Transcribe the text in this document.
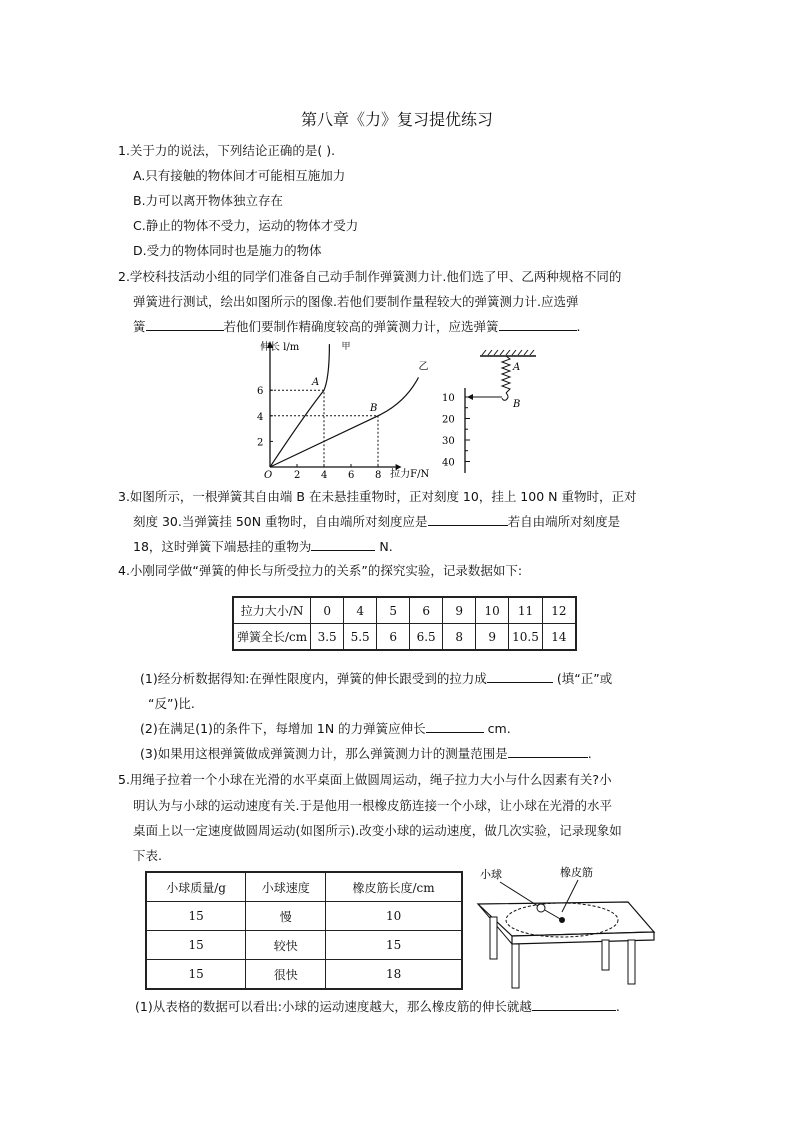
第八章《力》复习提优练习
1.关于力的说法，下列结论正确的是( ).
A.只有接触的物体间才可能相互施加力
B.力可以离开物体独立存在
C.静止的物体不受力，运动的物体才受力
D.受力的物体同时也是施力的物体
2.学校科技活动小组的同学们准备自己动手制作弹簧测力计.他们选了甲、乙两种规格不同的
弹簧进行测试，绘出如图所示的图像.若他们要制作量程较大的弹簧测力计.应选弹
簧	若他们要制作精确度较高的弹簧测力计，应选弹簧	.
伸长 l/m
拉力F/N
O 2 4 6 8
2
4
6
A
B
甲
乙	A
B
10
20
30
40
3.如图所示，一根弹簧其自由端 B 在未悬挂重物时，正对刻度 10，挂上 100 N 重物时，正对
刻度 30.当弹簧挂 50N 重物时，自由端所对刻度应是	若自由端所对刻度是
18，这时弹簧下端悬挂的重物为	N.
4.小刚同学做“弹簧的伸长与所受拉力的关系”的探究实验，记录数据如下:
拉力大小/N	0	4	5	6	9	10	11	12
弹簧全长/cm	3.5	5.5	6	6.5	8	9	10.5	14
(1)经分析数据得知:在弹性限度内，弹簧的伸长跟受到的拉力成	(填“正”或
“反”)比.
(2)在满足(1)的条件下，每增加 1N 的力弹簧应伸长	cm.
(3)如果用这根弹簧做成弹簧测力计，那么弹簧测力计的测量范围是	.
5.用绳子拉着一个小球在光滑的水平桌面上做圆周运动，绳子拉力大小与什么因素有关?小
明认为与小球的运动速度有关.于是他用一根橡皮筋连接一个小球，让小球在光滑的水平
桌面上以一定速度做圆周运动(如图所示).改变小球的运动速度，做几次实验，记录现象如
下表.
小球质量/g	小球速度	橡皮筋长度/cm
15	慢	10
15	较快	15
15	很快	18
小球	橡皮筋
(1)从表格的数据可以看出:小球的运动速度越大，那么橡皮筋的伸长就越	.
